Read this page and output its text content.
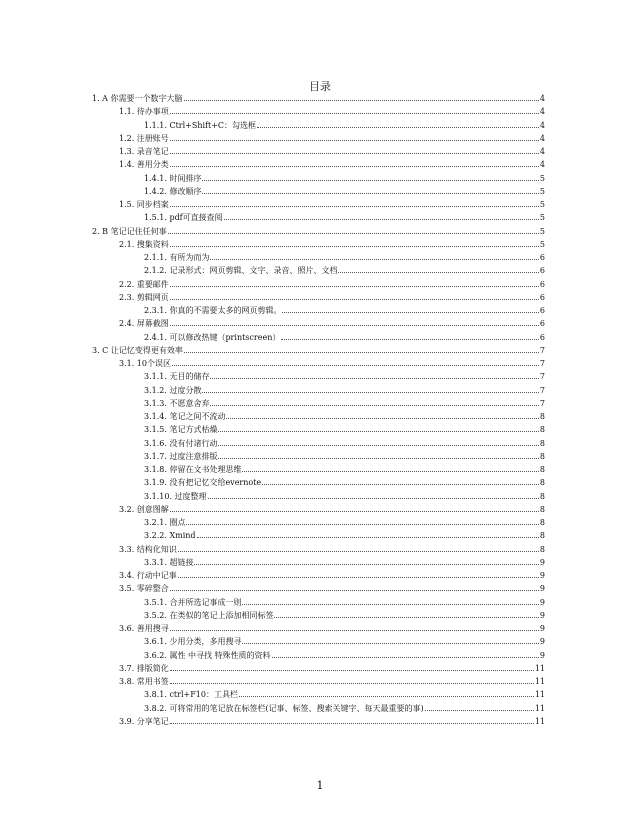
目录
1. A 你需要一个数字大脑	4
1.1. 待办事项	4
1.1.1. Ctrl+Shift+C：勾选框	4
1.2. 注册账号	4
1.3. 录音笔记	4
1.4. 善用分类	4
1.4.1. 时间排序	5
1.4.2. 修改顺序	5
1.5. 同步档案	5
1.5.1. pdf可直接查阅	5
2. B 笔记记住任何事	5
2.1. 搜集资料	5
2.1.1. 有所为而为	6
2.1.2. 记录形式：网页剪辑、文字、录音、照片、文档	6
2.2. 重要邮件	6
2.3. 剪辑网页	6
2.3.1. 你真的不需要太多的网页剪辑。	6
2.4. 屏幕截图	6
2.4.1. 可以修改热键（printscreen）	6
3. C 让记忆变得更有效率	7
3.1. 10个误区	7
3.1.1. 无目的储存	7
3.1.2. 过度分散	7
3.1.3. 不愿意舍弃	7
3.1.4. 笔记之间不流动	8
3.1.5. 笔记方式枯燥	8
3.1.6. 没有付诸行动	8
3.1.7. 过度注意排版	8
3.1.8. 停留在文书处理思维	8
3.1.9. 没有把记忆交给evernote	8
3.1.10. 过度整理	8
3.2. 创意图解	8
3.2.1. 圈点	8
3.2.2. Xmind	8
3.3. 结构化知识	8
3.3.1. 超链接	9
3.4. 行动中记事	9
3.5. 零碎整合	9
3.5.1. 合并所选记事成一则	9
3.5.2. 在类似的笔记上添加相同标签	9
3.6. 善用搜寻	9
3.6.1. 少用分类，多用搜寻	9
3.6.2. 属性 中寻找 特殊性质的资料	9
3.7. 排版简化	11
3.8. 常用书签	11
3.8.1. ctrl+F10：工具栏	11
3.8.2. 可将常用的笔记放在标签栏(记事、标签、搜索关键字、每天最重要的事)	11
3.9. 分享笔记	11
1
